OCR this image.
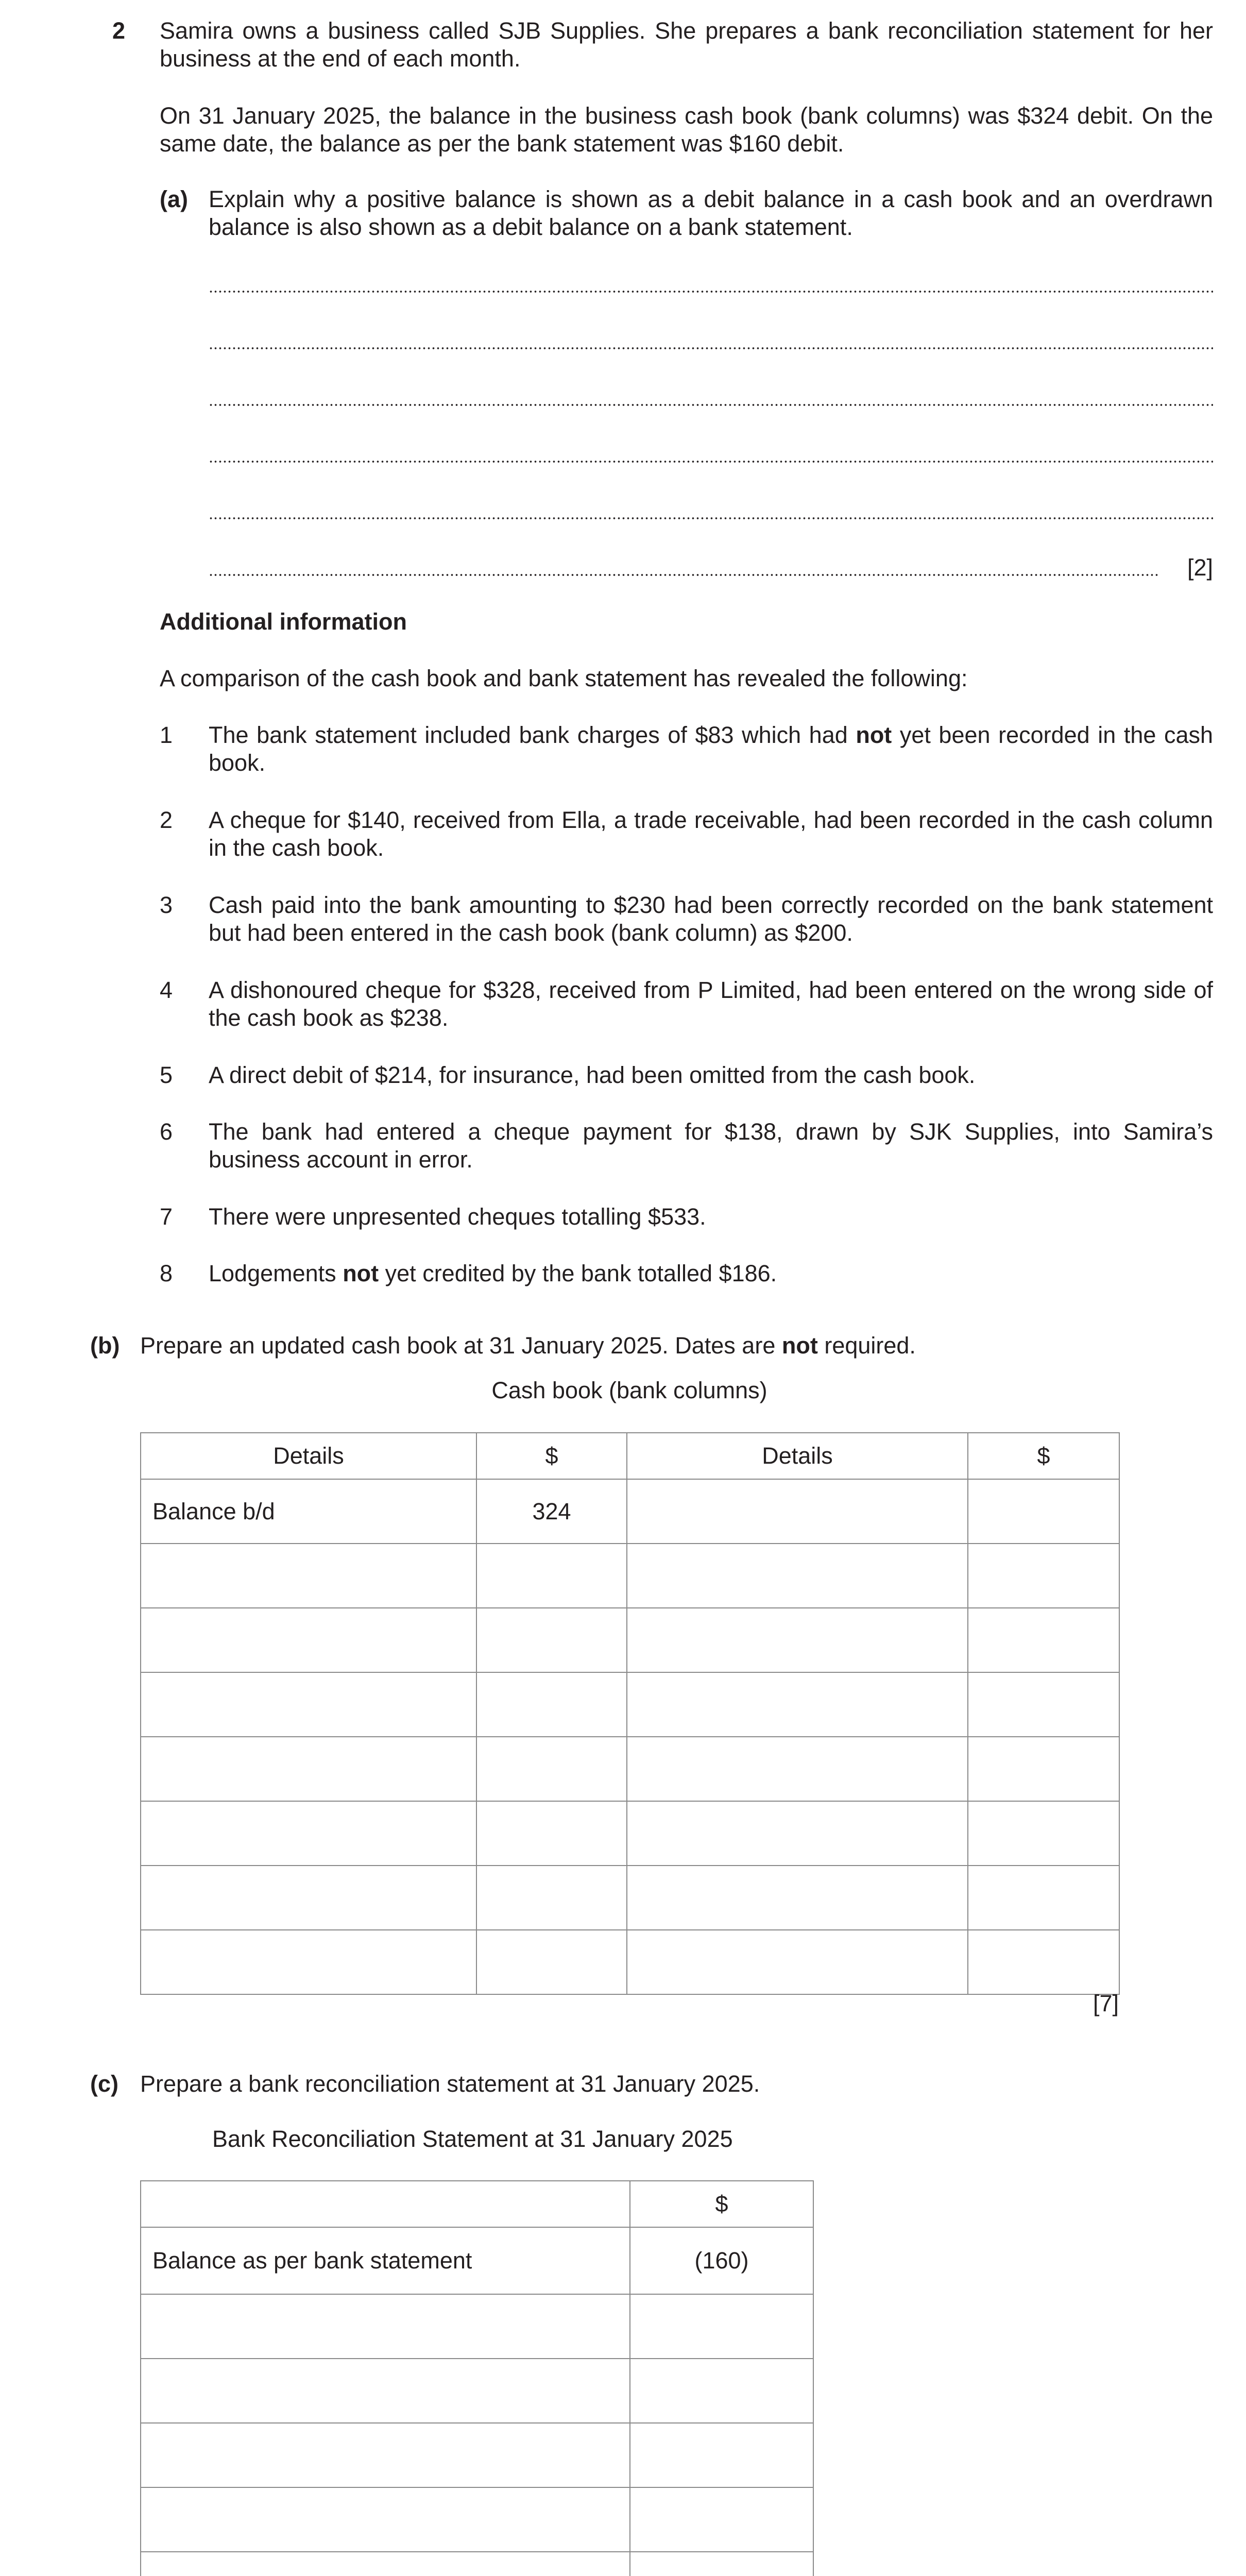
2 Samira owns a business called SJB Supplies. She prepares a bank reconciliation statement for her business at the end of each month.
On 31 January 2025, the balance in the business cash book (bank columns) was $324 debit. On the same date, the balance as per the bank statement was $160 debit.
(a) Explain why a positive balance is shown as a debit balance in a cash book and an overdrawn balance is also shown as a debit balance on a bank statement.
[2]
Additional information
A comparison of the cash book and bank statement has revealed the following:
1 The bank statement included bank charges of $83 which had not yet been recorded in the cash book.
2 A cheque for $140, received from Ella, a trade receivable, had been recorded in the cash column in the cash book.
3 Cash paid into the bank amounting to $230 had been correctly recorded on the bank statement but had been entered in the cash book (bank column) as $200.
4 A dishonoured cheque for $328, received from P Limited, had been entered on the wrong side of the cash book as $238.
5 A direct debit of $214, for insurance, had been omitted from the cash book.
6 The bank had entered a cheque payment for $138, drawn by SJK Supplies, into Samira’s business account in error.
7 There were unpresented cheques totalling $533.
8 Lodgements not yet credited by the bank totalled $186.
(b) Prepare an updated cash book at 31 January 2025. Dates are not required.
Cash book (bank columns)
Details	$	Details	$
Balance b/d	324		

[7]
(c) Prepare a bank reconciliation statement at 31 January 2025.
Bank Reconciliation Statement at 31 January 2025
	$
Balance as per bank statement	(160)
